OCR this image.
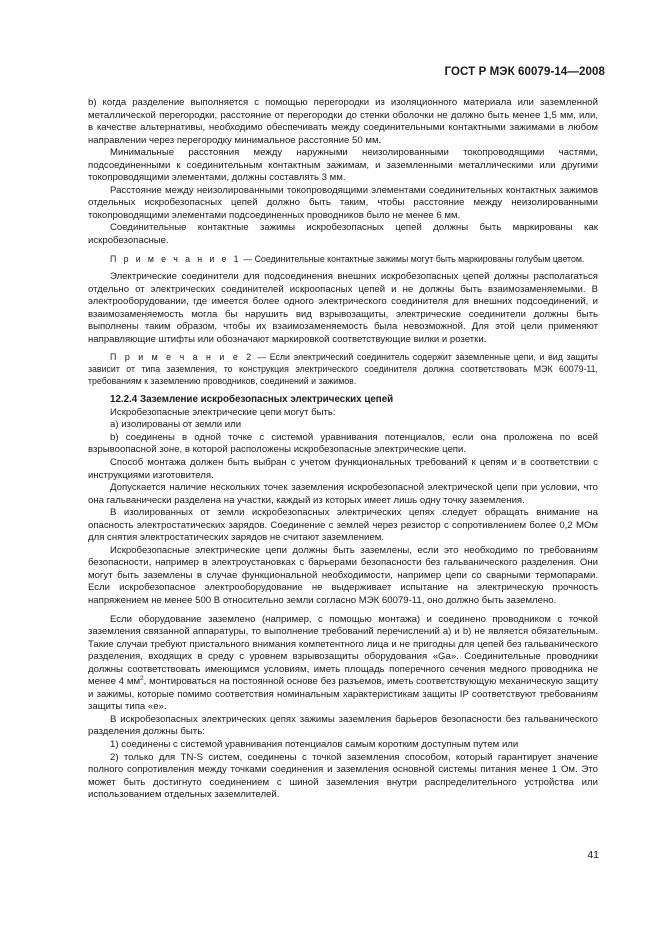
ГОСТ Р МЭК 60079-14—2008

b) когда разделение выполняется с помощью перегородки из изоляционного материала или заземленной металлической перегородки, расстояние от перегородки до стенки оболочки не должно быть менее 1,5 мм, или, в качестве альтернативы, необходимо обеспечивать между соединительными контактными зажимами в любом направлении через перегородку минимальное расстояние 50 мм.

Минимальные расстояния между наружными неизолированными токопроводящими частями, подсоединенными к соединительным контактным зажимам, и заземленными металлическими или другими токопроводящими элементами, должны составлять 3 мм.

Расстояние между неизолированными токопроводящими элементами соединительных контактных зажимов отдельных искробезопасных цепей должно быть таким, чтобы расстояние между неизолированными токопроводящими элементами подсоединенных проводников было не менее 6 мм.

Соединительные контактные зажимы искробезопасных цепей должны быть маркированы как искробезопасные.

П р и м е ч а н и е 1 — Соединительные контактные зажимы могут быть маркированы голубым цветом.

Электрические соединители для подсоединения внешних искробезопасных цепей должны располагаться отдельно от электрических соединителей искроопасных цепей и не должны быть взаимозаменяемыми. В электрооборудовании, где имеется более одного электрического соединителя для внешних подсоединений, и взаимозаменяемость могла бы нарушить вид взрывозащиты, электрические соединители должны быть выполнены таким образом, чтобы их взаимозаменяемость была невозможной. Для этой цели применяют направляющие штифты или обозначают маркировкой соответствующие вилки и розетки.

П р и м е ч а н и е 2 — Если электрический соединитель содержит заземленные цепи, и вид защиты зависит от типа заземления, то конструкция электрического соединителя должна соответствовать МЭК 60079-11, требованиям к заземлению проводников, соединений и зажимов.

12.2.4 Заземление искробезопасных электрических цепей

Искробезопасные электрические цепи могут быть:

а) изолированы от земли или

b) соединены в одной точке с системой уравнивания потенциалов, если она проложена по всей взрывоопасной зоне, в которой расположены искробезопасные электрические цепи.

Способ монтажа должен быть выбран с учетом функциональных требований к цепям и в соответствии с инструкциями изготовителя.

Допускается наличие нескольких точек заземления искробезопасной электрической цепи при условии, что она гальванически разделена на участки, каждый из которых имеет лишь одну точку заземления.

В изолированных от земли искробезопасных электрических цепях следует обращать внимание на опасность электростатических зарядов. Соединение с землей через резистор с сопротивлением более 0,2 МОм для снятия электростатических зарядов не считают заземлением.

Искробезопасные электрические цепи должны быть заземлены, если это необходимо по требованиям безопасности, например в электроустановках с барьерами безопасности без гальванического разделения. Они могут быть заземлены в случае функциональной необходимости, например цепи со сварными термопарами. Если искробезопасное электрооборудование не выдерживает испытание на электрическую прочность напряжением не менее 500 В относительно земли согласно МЭК 60079-11, оно должно быть заземлено.

Если оборудование заземлено (например, с помощью монтажа) и соединено проводником с точкой заземления связанной аппаратуры, то выполнение требований перечислений а) и b) не является обязательным. Такие случаи требуют пристального внимания компетентного лица и не пригодны для цепей без гальванического разделения, входящих в среду с уровнем взрывозащиты оборудования «Ga». Соединительные проводники должны соответствовать имеющимся условиям, иметь площадь поперечного сечения медного проводника не менее 4 $мм^2$, монтироваться на постоянной основе без разъемов, иметь соответствующую механическую защиту и зажимы, которые помимо соответствия номинальным характеристикам защиты IP соответствуют требованиям защиты типа «е».

В искробезопасных электрических цепях зажимы заземления барьеров безопасности без гальванического разделения должны быть:

1) соединены с системой уравнивания потенциалов самым коротким доступным путем или

2) только для TN-S систем, соединены с точкой заземления способом, который гарантирует значение полного сопротивления между точками соединения и заземления основной системы питания менее 1 Ом. Это может быть достигнуто соединением с шиной заземления внутри распределительного устройства или использованием отдельных заземлителей.

41
